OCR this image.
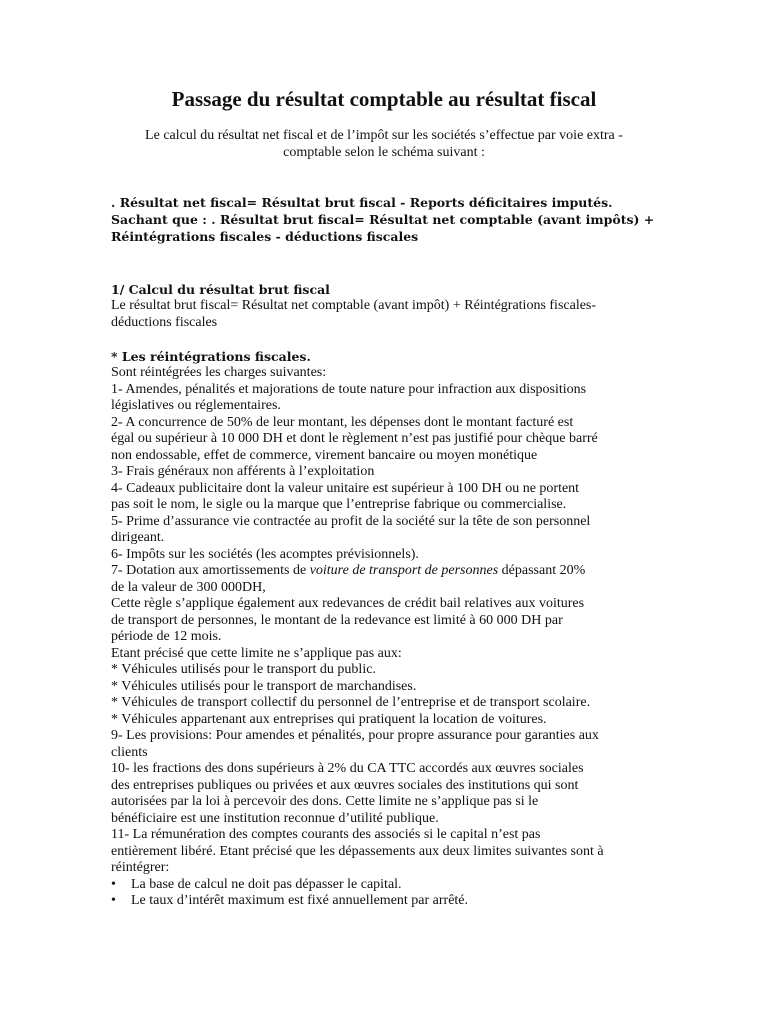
Passage du résultat comptable au résultat fiscal
Le calcul du résultat net fiscal et de l’impôt sur les sociétés s’effectue par voie extra -
comptable selon le schéma suivant :
. Résultat net fiscal= Résultat brut fiscal - Reports déficitaires imputés.
Sachant que : . Résultat brut fiscal= Résultat net comptable (avant impôts) +
Réintégrations fiscales - déductions fiscales
1/ Calcul du résultat brut fiscal
Le résultat brut fiscal= Résultat net comptable (avant impôt) + Réintégrations fiscales-
déductions fiscales
* Les réintégrations fiscales.
Sont réintégrées les charges suivantes:
1- Amendes, pénalités et majorations de toute nature pour infraction aux dispositions
législatives ou réglementaires.
2- A concurrence de 50% de leur montant, les dépenses dont le montant facturé est
égal ou supérieur à 10 000 DH et dont le règlement n’est pas justifié pour chèque barré
non endossable, effet de commerce, virement bancaire ou moyen monétique
3- Frais généraux non afférents à l’exploitation
4- Cadeaux publicitaire dont la valeur unitaire est supérieur à 100 DH ou ne portent
pas soit le nom, le sigle ou la marque que l’entreprise fabrique ou commercialise.
5- Prime d’assurance vie contractée au profit de la société sur la tête de son personnel
dirigeant.
6- Impôts sur les sociétés (les acomptes prévisionnels).
7- Dotation aux amortissements de voiture de transport de personnes dépassant 20%
de la valeur de 300 000DH,
Cette règle s’applique également aux redevances de crédit bail relatives aux voitures
de transport de personnes, le montant de la redevance est limité à 60 000 DH par
période de 12 mois.
Etant précisé que cette limite ne s’applique pas aux:
* Véhicules utilisés pour le transport du public.
* Véhicules utilisés pour le transport de marchandises.
* Véhicules de transport collectif du personnel de l’entreprise et de transport scolaire.
* Véhicules appartenant aux entreprises qui pratiquent la location de voitures.
9- Les provisions: Pour amendes et pénalités, pour propre assurance pour garanties aux
clients
10- les fractions des dons supérieurs à 2% du CA TTC accordés aux œuvres sociales
des entreprises publiques ou privées et aux œuvres sociales des institutions qui sont
autorisées par la loi à percevoir des dons. Cette limite ne s’applique pas si le
bénéficiaire est une institution reconnue d’utilité publique.
11- La rémunération des comptes courants des associés si le capital n’est pas
entièrement libéré. Etant précisé que les dépassements aux deux limites suivantes sont à
réintégrer:
•	La base de calcul ne doit pas dépasser le capital.
•	Le taux d’intérêt maximum est fixé annuellement par arrêté.
